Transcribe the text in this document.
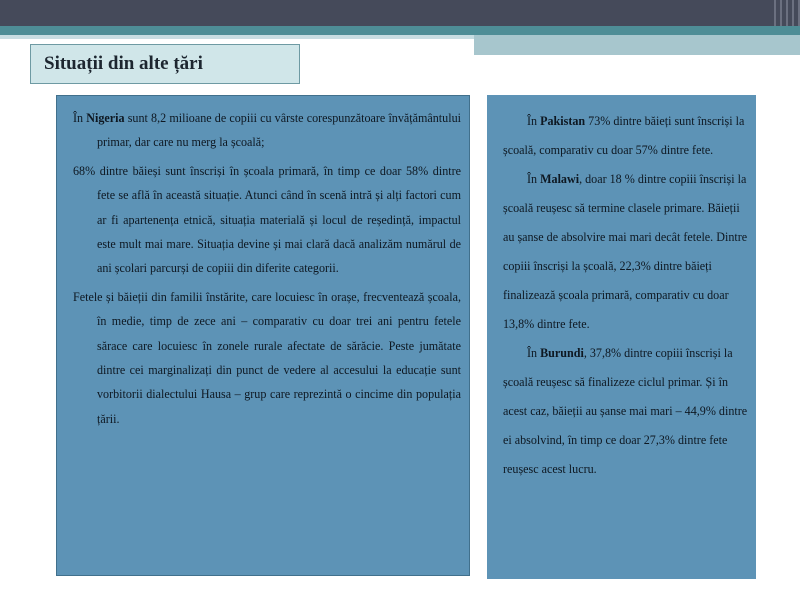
Situații din alte țări

În Nigeria sunt 8,2 milioane de copiii cu vârste corespunzătoare învățământului primar, dar care nu merg la școală;

68% dintre băieși sunt înscriși în școala primară, în timp ce doar 58% dintre fete se află în această situație. Atunci când în scenă intră și alți factori cum ar fi apartenența etnică, situația materială și locul de reședință, impactul este mult mai mare. Situația devine și mai clară dacă analizăm numărul de ani școlari parcurși de copiii din diferite categorii.

Fetele și băieții din familii înstărite, care locuiesc în orașe, frecventează școala, în medie, timp de zece ani – comparativ cu doar trei ani pentru fetele sărace care locuiesc în zonele rurale afectate de sărăcie. Peste jumătate dintre cei marginalizați din punct de vedere al accesului la educație sunt vorbitorii dialectului Hausa – grup care reprezintă o cincime din populația țării.

În Pakistan 73% dintre băieți sunt înscriși la școală, comparativ cu doar 57% dintre fete.

În Malawi, doar 18 % dintre copiii înscriși la școală reușesc să termine clasele primare. Băieții au șanse de absolvire mai mari decât fetele. Dintre copiii înscriși la școală, 22,3% dintre băieți finalizează școala primară, comparativ cu doar 13,8% dintre fete.

În Burundi, 37,8% dintre copiii înscriși la școală reușesc să finalizeze ciclul primar. Și în acest caz, băieții au șanse mai mari – 44,9% dintre ei absolvind, în timp ce doar 27,3% dintre fete reușesc acest lucru.
